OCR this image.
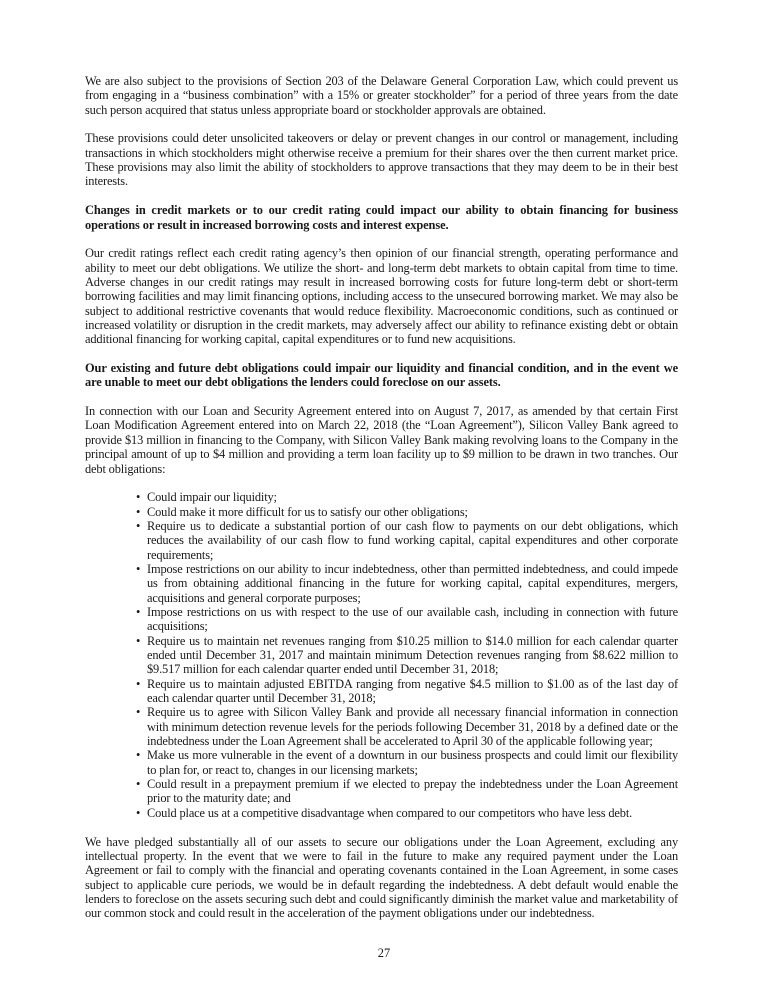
We are also subject to the provisions of Section 203 of the Delaware General Corporation Law, which could prevent us from engaging in a “business combination” with a 15% or greater stockholder” for a period of three years from the date such person acquired that status unless appropriate board or stockholder approvals are obtained.

These provisions could deter unsolicited takeovers or delay or prevent changes in our control or management, including transactions in which stockholders might otherwise receive a premium for their shares over the then current market price. These provisions may also limit the ability of stockholders to approve transactions that they may deem to be in their best interests.

Changes in credit markets or to our credit rating could impact our ability to obtain financing for business operations or result in increased borrowing costs and interest expense.

Our credit ratings reflect each credit rating agency’s then opinion of our financial strength, operating performance and ability to meet our debt obligations. We utilize the short- and long-term debt markets to obtain capital from time to time. Adverse changes in our credit ratings may result in increased borrowing costs for future long-term debt or short-term borrowing facilities and may limit financing options, including access to the unsecured borrowing market. We may also be subject to additional restrictive covenants that would reduce flexibility. Macroeconomic conditions, such as continued or increased volatility or disruption in the credit markets, may adversely affect our ability to refinance existing debt or obtain additional financing for working capital, capital expenditures or to fund new acquisitions.

Our existing and future debt obligations could impair our liquidity and financial condition, and in the event we are unable to meet our debt obligations the lenders could foreclose on our assets.

In connection with our Loan and Security Agreement entered into on August 7, 2017, as amended by that certain First Loan Modification Agreement entered into on March 22, 2018 (the “Loan Agreement”), Silicon Valley Bank agreed to provide $13 million in financing to the Company, with Silicon Valley Bank making revolving loans to the Company in the principal amount of up to $4 million and providing a term loan facility up to $9 million to be drawn in two tranches. Our debt obligations:

• Could impair our liquidity;
• Could make it more difficult for us to satisfy our other obligations;
• Require us to dedicate a substantial portion of our cash flow to payments on our debt obligations, which reduces the availability of our cash flow to fund working capital, capital expenditures and other corporate requirements;
• Impose restrictions on our ability to incur indebtedness, other than permitted indebtedness, and could impede us from obtaining additional financing in the future for working capital, capital expenditures, mergers, acquisitions and general corporate purposes;
• Impose restrictions on us with respect to the use of our available cash, including in connection with future acquisitions;
• Require us to maintain net revenues ranging from $10.25 million to $14.0 million for each calendar quarter ended until December 31, 2017 and maintain minimum Detection revenues ranging from $8.622 million to $9.517 million for each calendar quarter ended until December 31, 2018;
• Require us to maintain adjusted EBITDA ranging from negative $4.5 million to $1.00 as of the last day of each calendar quarter until December 31, 2018;
• Require us to agree with Silicon Valley Bank and provide all necessary financial information in connection with minimum detection revenue levels for the periods following December 31, 2018 by a defined date or the indebtedness under the Loan Agreement shall be accelerated to April 30 of the applicable following year;
• Make us more vulnerable in the event of a downturn in our business prospects and could limit our flexibility to plan for, or react to, changes in our licensing markets;
• Could result in a prepayment premium if we elected to prepay the indebtedness under the Loan Agreement prior to the maturity date; and
• Could place us at a competitive disadvantage when compared to our competitors who have less debt.

We have pledged substantially all of our assets to secure our obligations under the Loan Agreement, excluding any intellectual property. In the event that we were to fail in the future to make any required payment under the Loan Agreement or fail to comply with the financial and operating covenants contained in the Loan Agreement, in some cases subject to applicable cure periods, we would be in default regarding the indebtedness. A debt default would enable the lenders to foreclose on the assets securing such debt and could significantly diminish the market value and marketability of our common stock and could result in the acceleration of the payment obligations under our indebtedness.

27
